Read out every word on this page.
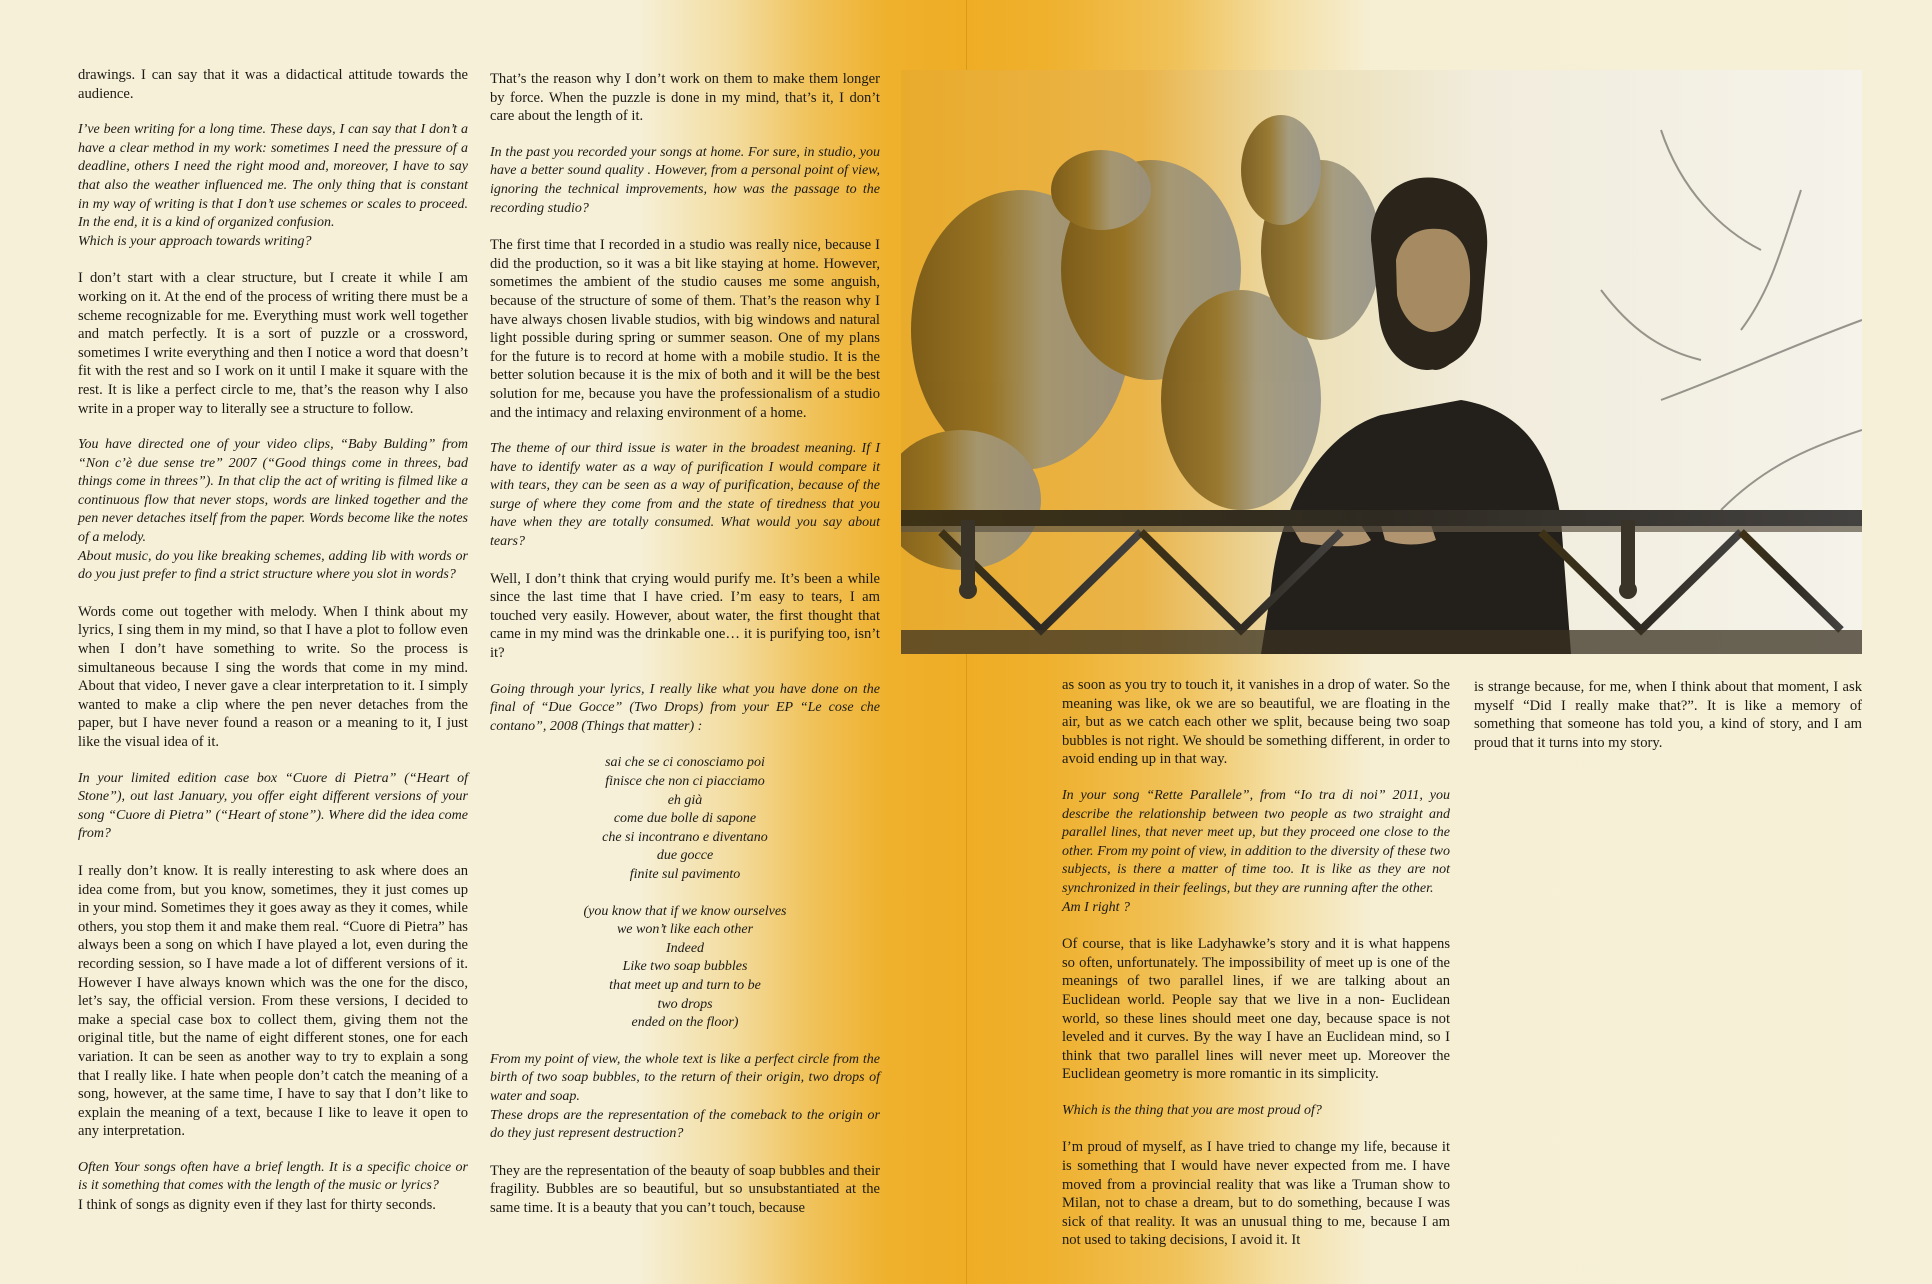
drawings. I can say that it was a didactical attitude towards the audience.

I’ve been writing for a long time. These days, I can say that I don’t a have a clear method in my work: sometimes I need the pressure of a deadline, others I need the right mood and, moreover, I have to say that also the weather influenced me. The only thing that is constant in my way of writing is that I don’t use schemes or scales to proceed. In the end, it is a kind of organized confusion.

Which is your approach towards writing?

I don’t start with a clear structure, but I create it while I am working on it. At the end of the process of writing there must be a scheme recognizable for me. Everything must work well together and match perfectly. It is a sort of puzzle or a crossword, sometimes I write everything and then I notice a word that doesn’t fit with the rest and so I work on it until I make it square with the rest. It is like a perfect circle to me, that’s the reason why I also write in a proper way to literally see a structure to follow.

You have directed one of your video clips, “Baby Bulding” from “Non c’è due sense tre” 2007 (“Good things come in threes, bad things come in threes”). In that clip the act of writing is filmed like a continuous flow that never stops, words are linked together and the pen never detaches itself from the paper. Words become like the notes of a melody.

About music, do you like breaking schemes, adding lib with words or do you just prefer to find a strict structure where you slot in words?

Words come out together with melody. When I think about my lyrics, I sing them in my mind, so that I have a plot to follow even when I don’t have something to write. So the process is simultaneous because I sing the words that come in my mind. About that video, I never gave a clear interpretation to it. I simply wanted to make a clip where the pen never detaches from the paper, but I have never found a reason or a meaning to it, I just like the visual idea of it.

In your limited edition case box “Cuore di Pietra” (“Heart of Stone”), out last January, you offer eight different versions of your song “Cuore di Pietra” (“Heart of stone”). Where did the idea come from?

I really don’t know. It is really interesting to ask where does an idea come from, but you know, sometimes, they it just comes up in your mind. Sometimes they it goes away as they it comes, while others, you stop them it and make them real. “Cuore di Pietra” has always been a song on which I have played a lot, even during the recording session, so I have made a lot of different versions of it. However I have always known which was the one for the disco, let’s say, the official version. From these versions, I decided to make a special case box to collect them, giving them not the original title, but the name of eight different stones, one for each variation. It can be seen as another way to try to explain a song that I really like. I hate when people don’t catch the meaning of a song, however, at the same time, I have to say that I don’t like to explain the meaning of a text, because I like to leave it open to any interpretation.

Often Your songs often have a brief length. It is a specific choice or is it something that comes with the length of the music or lyrics?

I think of songs as dignity even if they last for thirty seconds.

That’s the reason why I don’t work on them to make them longer by force. When the puzzle is done in my mind, that’s it, I don’t care about the length of it.

In the past you recorded your songs at home. For sure, in studio, you have a better sound quality . However, from a personal point of view, ignoring the technical improvements, how was the passage to the recording studio?

The first time that I recorded in a studio was really nice, because I did the production, so it was a bit like staying at home. However, sometimes the ambient of the studio causes me some anguish, because of the structure of some of them. That’s the reason why I have always chosen livable studios, with big windows and natural light possible during spring or summer season. One of my plans for the future is to record at home with a mobile studio. It is the better solution because it is the mix of both and it will be the best solution for me, because you have the professionalism of a studio and the intimacy and relaxing environment of a home.

The theme of our third issue is water in the broadest meaning. If I have to identify water as a way of purification I would compare it with tears, they can be seen as a way of purification, because of the surge of where they come from and the state of tiredness that you have when they are totally consumed. What would you say about tears?

Well, I don’t think that crying would purify me. It’s been a while since the last time that I have cried. I’m easy to tears, I am touched very easily. However, about water, the first thought that came in my mind was the drinkable one… it is purifying too, isn’t it?

Going through your lyrics, I really like what you have done on the final of “Due Gocce” (Two Drops) from your EP “Le cose che contano”, 2008 (Things that matter) :

sai che se ci conosciamo poi
finisce che non ci piacciamo
eh già
come due bolle di sapone
che si incontrano e diventano
due gocce
finite sul pavimento
(you know that if we know ourselves
we won’t like each other
Indeed
Like two soap bubbles
that meet up and turn to be
two drops
ended on the floor)

From my point of view, the whole text is like a perfect circle from the birth of two soap bubbles, to the return of their origin, two drops of water and soap.

These drops are the representation of the comeback to the origin or do they just represent destruction?

They are the representation of the beauty of soap bubbles and their fragility. Bubbles are so beautiful, but so unsubstantiated at the same time. It is a beauty that you can’t touch, because

as soon as you try to touch it, it vanishes in a drop of water. So the meaning was like, ok we are so beautiful, we are floating in the air, but as we catch each other we split, because being two soap bubbles is not right. We should be something different, in order to avoid ending up in that way.

In your song “Rette Parallele”, from “Io tra di noi” 2011, you describe the relationship between two people as two straight and parallel lines, that never meet up, but they proceed one close to the other. From my point of view, in addition to the diversity of these two subjects, is there a matter of time too. It is like as they are not synchronized in their feelings, but they are running after the other.

Am I right ?

Of course, that is like Ladyhawke’s story and it is what happens so often, unfortunately. The impossibility of meet up is one of the meanings of two parallel lines, if we are talking about an Euclidean world. People say that we live in a non- Euclidean world, so these lines should meet one day, because space is not leveled and it curves. By the way I have an Euclidean mind, so I think that two parallel lines will never meet up. Moreover the Euclidean geometry is more romantic in its simplicity.

Which is the thing that you are most proud of?

I’m proud of myself, as I have tried to change my life, because it is something that I would have never expected from me. I have moved from a provincial reality that was like a Truman show to Milan, not to chase a dream, but to do something, because I was sick of that reality. It was an unusual thing to me, because I am not used to taking decisions, I avoid it. It

is strange because, for me, when I think about that moment, I ask myself “Did I really make that?”. It is like a memory of something that someone has told you, a kind of story, and I am proud that it turns into my story.
